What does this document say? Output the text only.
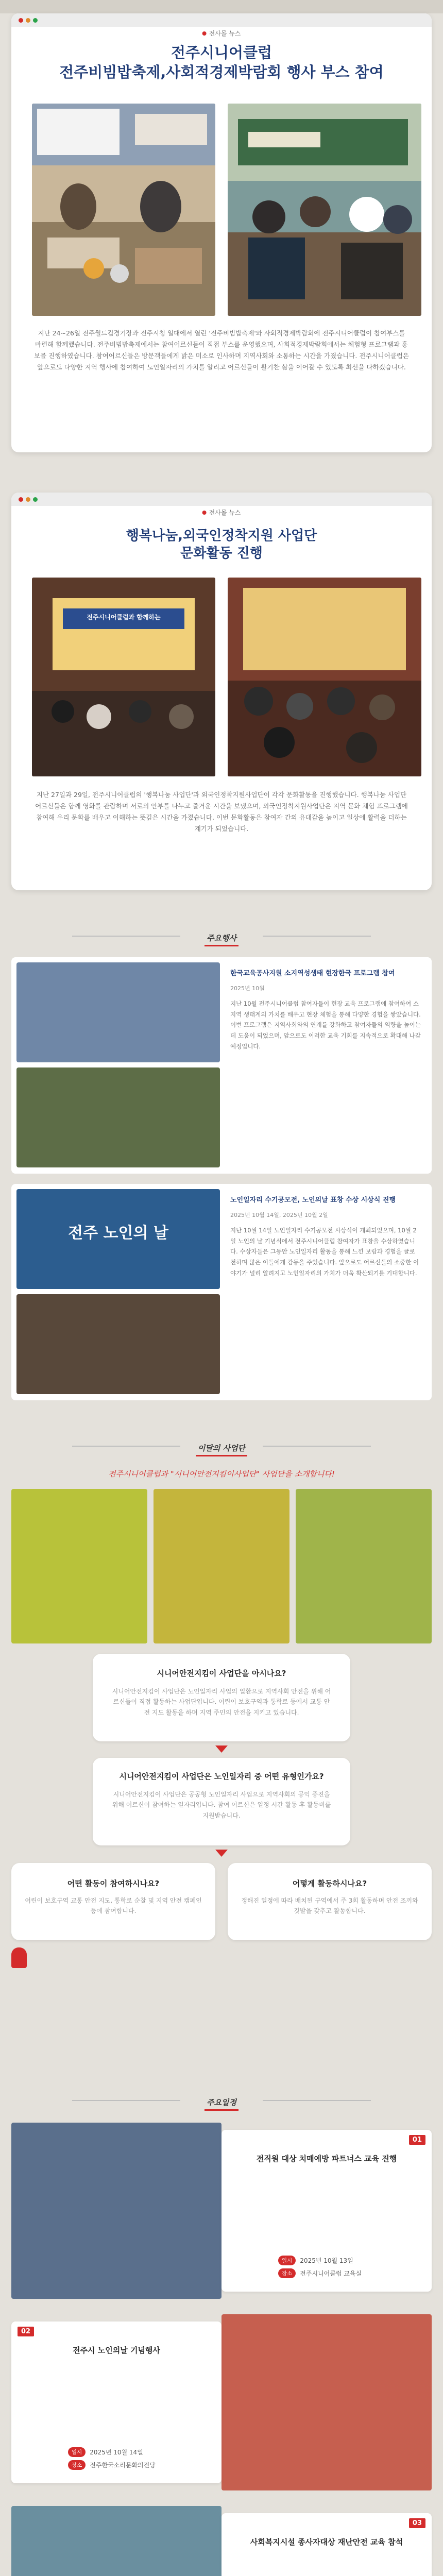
전사몰 뉴스
전주시니어클럽
전주비빔밥축제,사회적경제박람회 행사 부스 참여
지난 24~26일 전주월드컵경기장과 전주시청 일대에서 열린 '전주비빔밥축제'와 사회적경제박람회에 전주시니어클럽이 참여부스를 마련해 함께했습니다. 전주비빔밥축제에서는 참여어르신들이 직접 부스를 운영했으며, 사회적경제박람회에서는 체험형 프로그램과 홍보를 진행하였습니다. 참여어르신들은 방문객들에게 밝은 미소로 인사하며 지역사회와 소통하는 시간을 가졌습니다. 전주시니어클럽은 앞으로도 다양한 지역 행사에 참여하여 노인일자리의 가치를 알리고 어르신들이 활기찬 삶을 이어갈 수 있도록 최선을 다하겠습니다.
전사몰 뉴스
행복나눔,외국인정착지원 사업단
문화활동 진행
전주시니어클럽과 함께하는
지난 27일과 29일, 전주시니어클럽의 '행복나눔 사업단'과 외국인정착지원사업단이 각각 문화활동을 진행했습니다. 행복나눔 사업단 어르신들은 함께 영화를 관람하며 서로의 안부를 나누고 즐거운 시간을 보냈으며, 외국인정착지원사업단은 지역 문화 체험 프로그램에 참여해 우리 문화를 배우고 이해하는 뜻깊은 시간을 가졌습니다. 이번 문화활동은 참여자 간의 유대감을 높이고 일상에 활력을 더하는 계기가 되었습니다.
주요행사
한국교육공사지원 소지역성생태 현장한국 프로그램 참여
2025년 10월
지난 10월 전주시니어클럽 참여자들이 현장 교육 프로그램에 참여하여 소지역 생태계의 가치를 배우고 현장 체험을 통해 다양한 경험을 쌓았습니다. 이번 프로그램은 지역사회와의 연계를 강화하고 참여자들의 역량을 높이는 데 도움이 되었으며, 앞으로도 이러한 교육 기회를 지속적으로 확대해 나갈 예정입니다.
전주 노인의 날
노인일자리 수기공모전, 노인의날 표창 수상 시상식 진행
2025년 10월 14일, 2025년 10월 2일
지난 10월 14일 노인일자리 수기공모전 시상식이 개최되었으며, 10월 2일 노인의 날 기념식에서 전주시니어클럽 참여자가 표창을 수상하였습니다. 수상자들은 그동안 노인일자리 활동을 통해 느낀 보람과 경험을 글로 전하며 많은 이들에게 감동을 주었습니다. 앞으로도 어르신들의 소중한 이야기가 널리 알려지고 노인일자리의 가치가 더욱 확산되기를 기대합니다.
이달의 사업단
전주시니어클럽과 "시니어안전지킴이사업단" 사업단을 소개합니다!
시니어안전지킴이 사업단을 아시나요?
시니어안전지킴이 사업단은 노인일자리 사업의 일환으로 지역사회 안전을 위해 어르신들이 직접 활동하는 사업단입니다. 어린이 보호구역과 통학로 등에서 교통 안전 지도 활동을 하며 지역 주민의 안전을 지키고 있습니다.
시니어안전지킴이 사업단은 노인일자리 중 어떤 유형인가요?
시니어안전지킴이 사업단은 공공형 노인일자리 사업으로 지역사회의 공익 증진을 위해 어르신이 참여하는 일자리입니다. 참여 어르신은 일정 시간 활동 후 활동비를 지원받습니다.
어떤 활동이 참여하시나요?
어린이 보호구역 교통 안전 지도, 통학로 순찰 및 지역 안전 캠페인 등에 참여합니다.
어떻게 활동하시나요?
정해진 일정에 따라 배치된 구역에서 주 3회 활동하며 안전 조끼와 깃발을 갖추고 활동합니다.
주요일정
01
전직원 대상 치매예방 파트너스 교육 진행
일시	2025년 10월 13일
장소	전주시니어클럽 교육실
02
전주시 노인의날 기념행사
일시	2025년 10월 14일
장소	전주한국소리문화의전당
03
사회복지시설 종사자대상 재난안전 교육 참석
